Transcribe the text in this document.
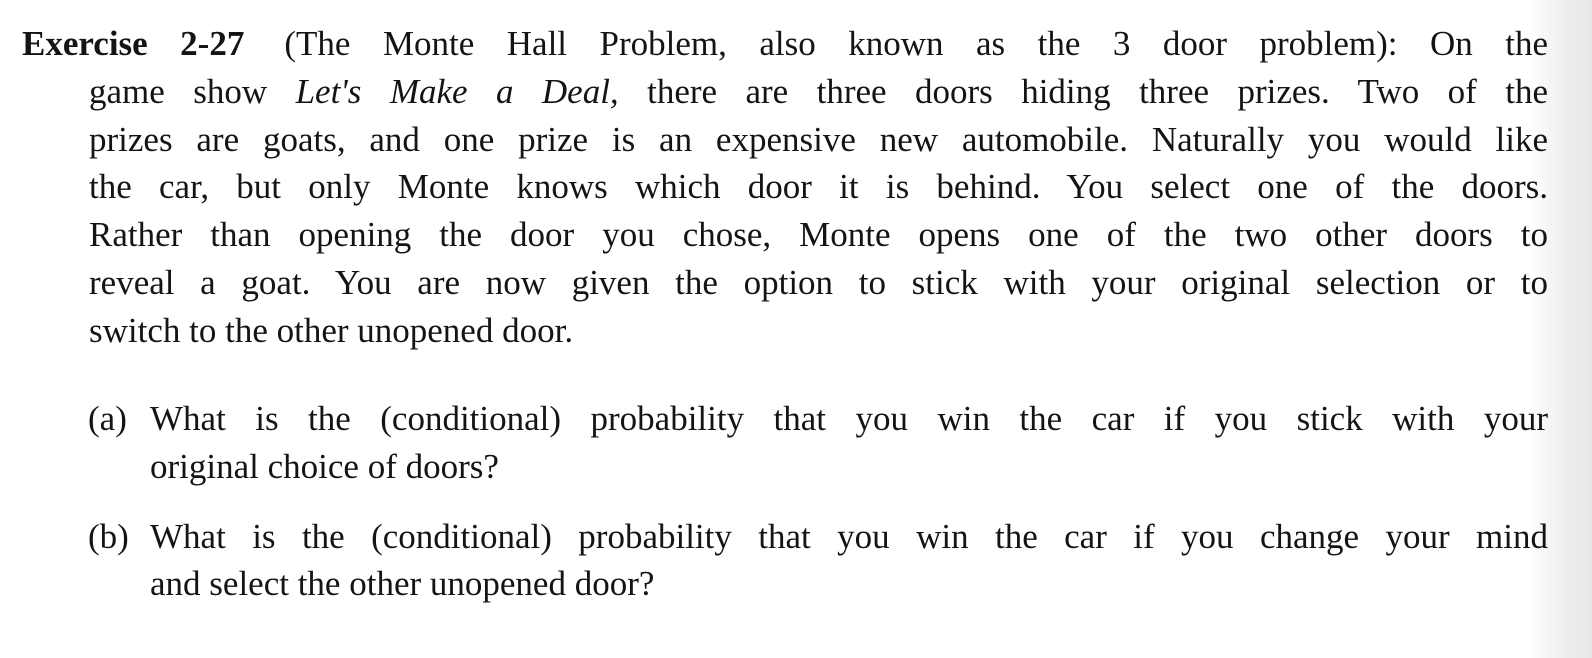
Exercise 2-27 (The Monte Hall Problem, also known as the 3 door problem): On the
game show Let's Make a Deal, there are three doors hiding three prizes. Two of the
prizes are goats, and one prize is an expensive new automobile. Naturally you would like
the car, but only Monte knows which door it is behind. You select one of the doors.
Rather than opening the door you chose, Monte opens one of the two other doors to
reveal a goat. You are now given the option to stick with your original selection or to
switch to the other unopened door.
(a) What is the (conditional) probability that you win the car if you stick with your
original choice of doors?
(b) What is the (conditional) probability that you win the car if you change your mind
and select the other unopened door?
